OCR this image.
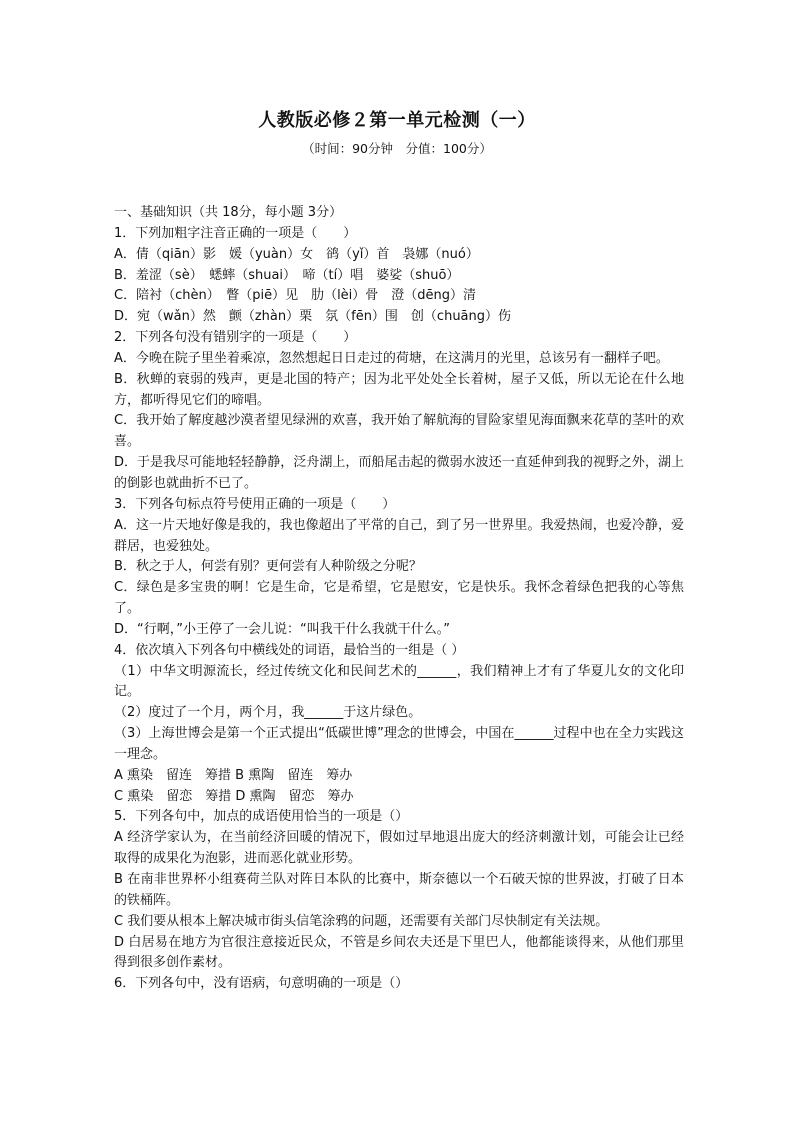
人教版必修２第一单元检测（一）
（时间：90分钟　分值：100分）
一、基础知识（共 18分，每小题 3分）
1．下列加粗字注音正确的一项是（　　）
A．倩（qiān）影　媛（yuàn）女　鹆（yǐ）首　袅娜（nuó）
B．羞涩（sè）　蟋蟀（shuai）　啼（tí）唱　婆娑（shuō）
C．陪衬（chèn）　瞥（piē）见　肋（lèi）骨　澄（dēng）清
D．宛（wǎn）然　颤（zhàn）栗　氛（fēn）围　创（chuāng）伤
2．下列各句没有错别字的一项是（　　）
A．今晚在院子里坐着乘凉，忽然想起日日走过的荷塘，在这满月的光里，总该另有一翻样子吧。
B．秋蝉的衰弱的残声，更是北国的特产；因为北平处处全长着树，屋子又低，所以无论在什么地方，都听得见它们的啼唱。
C．我开始了解度越沙漠者望见绿洲的欢喜，我开始了解航海的冒险家望见海面飘来花草的茎叶的欢喜。
D．于是我尽可能地轻轻静静，泛舟湖上，而船尾击起的微弱水波还一直延伸到我的视野之外，湖上的倒影也就曲折不已了。
3．下列各句标点符号使用正确的一项是（　　）
A．这一片天地好像是我的，我也像超出了平常的自己，到了另一世界里。我爱热闹，也爱冷静，爱群居，也爱独处。
B．秋之于人，何尝有别？更何尝有人种阶级之分呢？
C．绿色是多宝贵的啊！它是生命，它是希望，它是慰安，它是快乐。我怀念着绿色把我的心等焦了。
D．“行啊，”小王停了一会儿说：“叫我干什么我就干什么。”
4．依次填入下列各句中横线处的词语，最恰当的一组是（ ）
（1）中华文明源流长，经过传统文化和民间艺术的______，我们精神上才有了华夏儿女的文化印记。
（2）度过了一个月，两个月，我______于这片绿色。
（3）上海世博会是第一个正式提出“低碳世博”理念的世博会，中国在______过程中也在全力实践这一理念。
A 熏染　留连　筹措 B 熏陶　留连　筹办
C 熏染　留恋　筹措 D 熏陶　留恋　筹办
5．下列各句中，加点的成语使用恰当的一项是（）
A 经济学家认为，在当前经济回暖的情况下，假如过早地退出庞大的经济刺激计划，可能会让已经取得的成果化为泡影，进而恶化就业形势。
B 在南非世界杯小组赛荷兰队对阵日本队的比赛中，斯奈德以一个石破天惊的世界波，打破了日本的铁桶阵。
C 我们要从根本上解决城市街头信笔涂鸦的问题，还需要有关部门尽快制定有关法规。
D 白居易在地方为官很注意接近民众，不管是乡间农夫还是下里巴人，他都能谈得来，从他们那里得到很多创作素材。
6．下列各句中，没有语病，句意明确的一项是（）
